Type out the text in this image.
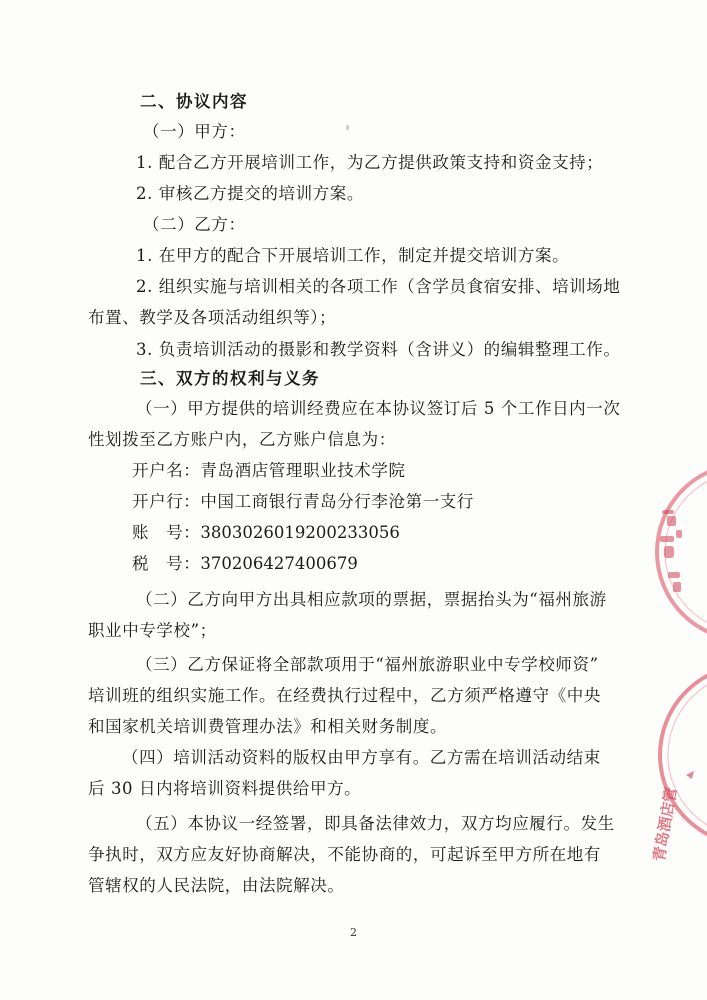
二、协议内容
（一）甲方：
1. 配合乙方开展培训工作，为乙方提供政策支持和资金支持；
2. 审核乙方提交的培训方案。
（二）乙方：
1. 在甲方的配合下开展培训工作，制定并提交培训方案。
2. 组织实施与培训相关的各项工作（含学员食宿安排、培训场地
布置、教学及各项活动组织等）；
3. 负责培训活动的摄影和教学资料（含讲义）的编辑整理工作。
三、双方的权利与义务
（一）甲方提供的培训经费应在本协议签订后 5 个工作日内一次
性划拨至乙方账户内，乙方账户信息为：
开户名：青岛酒店管理职业技术学院
开户行：中国工商银行青岛分行李沧第一支行
账　号：3803026019200233056
税　号：370206427400679
（二）乙方向甲方出具相应款项的票据，票据抬头为“福州旅游
职业中专学校”；
（三）乙方保证将全部款项用于“福州旅游职业中专学校师资”
培训班的组织实施工作。在经费执行过程中，乙方须严格遵守《中央
和国家机关培训费管理办法》和相关财务制度。
（四）培训活动资料的版权由甲方享有。乙方需在培训活动结束
后 30 日内将培训资料提供给甲方。
（五）本协议一经签署，即具备法律效力，双方均应履行。发生
争执时，双方应友好协商解决，不能协商的，可起诉至甲方所在地有
管辖权的人民法院，由法院解决。
2
青岛酒店管
